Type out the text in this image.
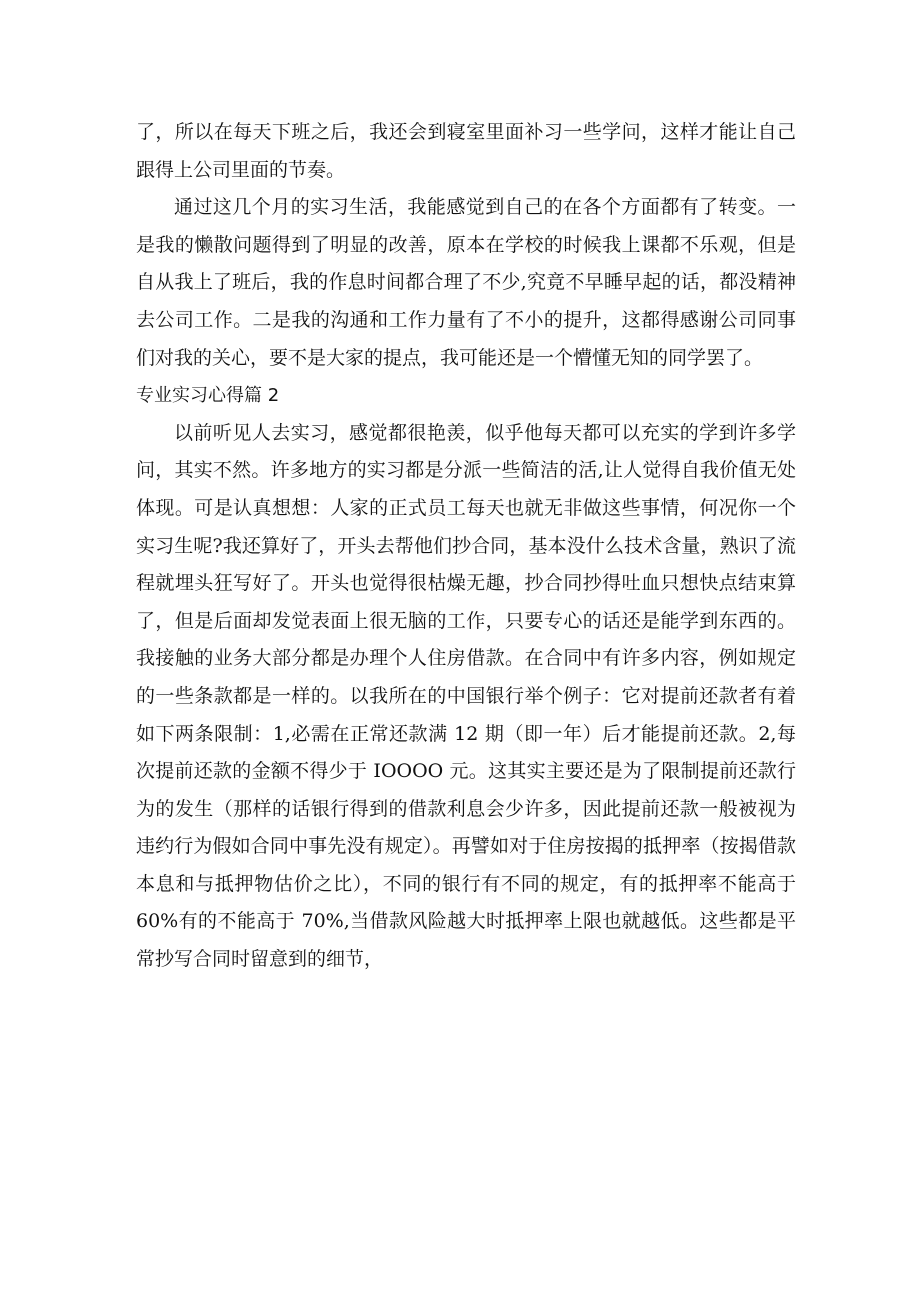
了，所以在每天下班之后，我还会到寝室里面补习一些学问，这样才能让自己跟得上公司里面的节奏。

通过这几个月的实习生活，我能感觉到自己的在各个方面都有了转变。一是我的懒散问题得到了明显的改善，原本在学校的时候我上课都不乐观，但是自从我上了班后，我的作息时间都合理了不少,究竟不早睡早起的话，都没精神去公司工作。二是我的沟通和工作力量有了不小的提升，这都得感谢公司同事们对我的关心，要不是大家的提点，我可能还是一个懵懂无知的同学罢了。

专业实习心得篇 2

以前听见人去实习，感觉都很艳羡，似乎他每天都可以充实的学到许多学问，其实不然。许多地方的实习都是分派一些简洁的活,让人觉得自我价值无处体现。可是认真想想：人家的正式员工每天也就无非做这些事情，何况你一个实习生呢?我还算好了，开头去帮他们抄合同，基本没什么技术含量，熟识了流程就埋头狂写好了。开头也觉得很枯燥无趣，抄合同抄得吐血只想快点结束算了，但是后面却发觉表面上很无脑的工作，只要专心的话还是能学到东西的。我接触的业务大部分都是办理个人住房借款。在合同中有许多内容，例如规定的一些条款都是一样的。以我所在的中国银行举个例子：它对提前还款者有着如下两条限制：1,必需在正常还款满 12 期（即一年）后才能提前还款。2,每次提前还款的金额不得少于 IOOOO 元。这其实主要还是为了限制提前还款行为的发生（那样的话银行得到的借款利息会少许多，因此提前还款一般被视为违约行为假如合同中事先没有规定）。再譬如对于住房按揭的抵押率（按揭借款本息和与抵押物估价之比），不同的银行有不同的规定，有的抵押率不能高于 60%有的不能高于 70%,当借款风险越大时抵押率上限也就越低。这些都是平常抄写合同时留意到的细节，
